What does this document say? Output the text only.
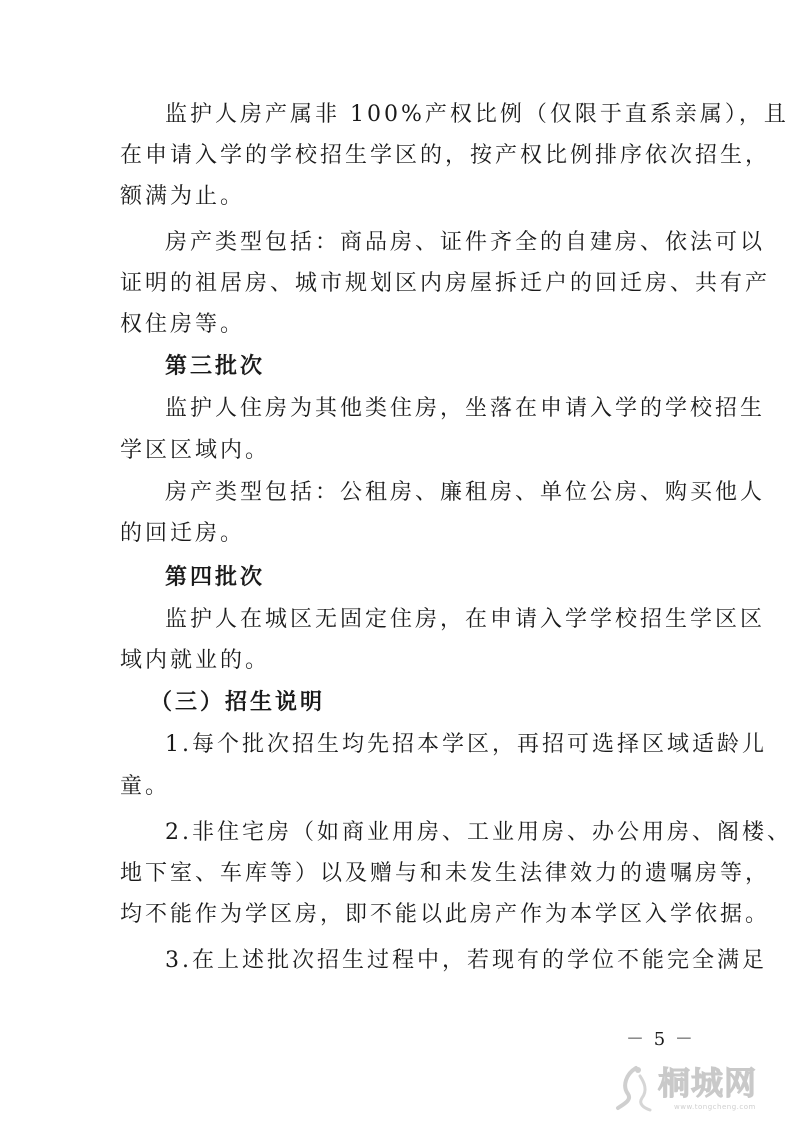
监护人房产属非 100%产权比例（仅限于直系亲属），且
在申请入学的学校招生学区的，按产权比例排序依次招生，
额满为止。
房产类型包括：商品房、证件齐全的自建房、依法可以
证明的祖居房、城市规划区内房屋拆迁户的回迁房、共有产
权住房等。
第三批次
监护人住房为其他类住房，坐落在申请入学的学校招生
学区区域内。
房产类型包括：公租房、廉租房、单位公房、购买他人
的回迁房。
第四批次
监护人在城区无固定住房，在申请入学学校招生学区区
域内就业的。
（三）招生说明
1.每个批次招生均先招本学区，再招可选择区域适龄儿
童。
2.非住宅房（如商业用房、工业用房、办公用房、阁楼、
地下室、车库等）以及赠与和未发生法律效力的遗嘱房等，
均不能作为学区房，即不能以此房产作为本学区入学依据。
3.在上述批次招生过程中，若现有的学位不能完全满足
－ 5 －
桐城网
www.tongcheng.com
